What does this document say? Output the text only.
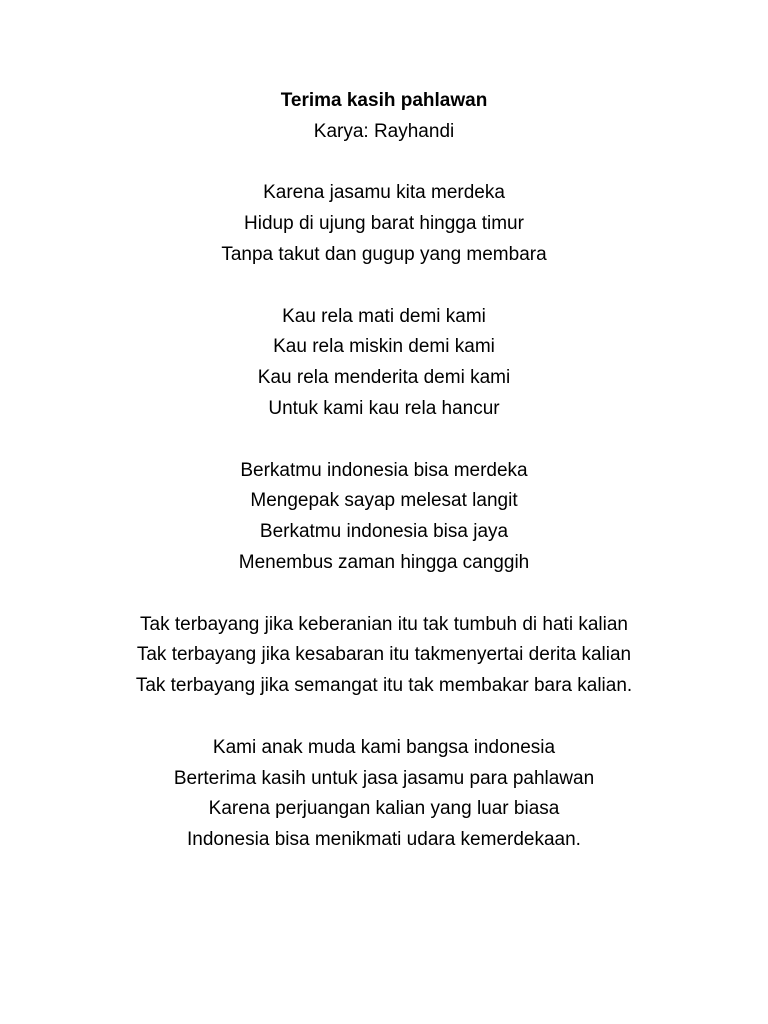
Terima kasih pahlawan
Karya: Rayhandi
Karena jasamu kita merdeka
Hidup di ujung barat hingga timur
Tanpa takut dan gugup yang membara
Kau rela mati demi kami
Kau rela miskin demi kami
Kau rela menderita demi kami
Untuk kami kau rela hancur
Berkatmu indonesia bisa merdeka
Mengepak sayap melesat langit
Berkatmu indonesia bisa jaya
Menembus zaman hingga canggih
Tak terbayang jika keberanian itu tak tumbuh di hati kalian
Tak terbayang jika kesabaran itu takmenyertai derita kalian
Tak terbayang jika semangat itu tak membakar bara kalian.
Kami anak muda kami bangsa indonesia
Berterima kasih untuk jasa jasamu para pahlawan
Karena perjuangan kalian yang luar biasa
Indonesia bisa menikmati udara kemerdekaan.
